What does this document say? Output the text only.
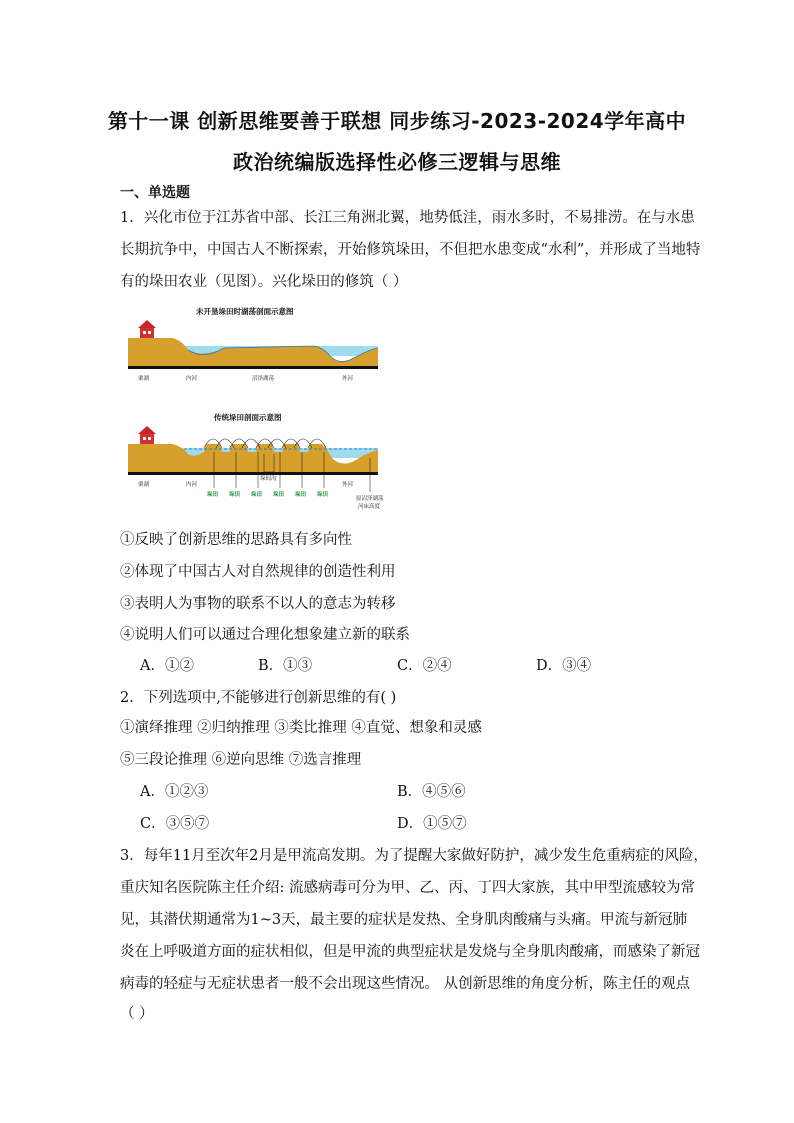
第十一课 创新思维要善于联想 同步练习-2023-2024学年高中
政治统编版选择性必修三逻辑与思维
一、单选题
1．兴化市位于江苏省中部、长江三角洲北翼，地势低洼，雨水多时，不易排涝。在与水患
长期抗争中，中国古人不断探索，开始修筑垛田，不但把水患变成“水利”，并形成了当地特
有的垛田农业（见图）。兴化垛田的修筑（ ）
未开垦垛田时湖荡剖面示意图
栗湖	内河	沼泽湖荡	外河
传统垛田剖面示意图
栗湖	内河	外河
垛间沟
垛田 垛田 垛田 垛田 垛田 垛田
原沼泽湖荡
河床高度
①反映了创新思维的思路具有多向性
②体现了中国古人对自然规律的创造性利用
③表明人为事物的联系不以人的意志为转移
④说明人们可以通过合理化想象建立新的联系
A．①②	B．①③	C．②④	D．③④
2．下列选项中,不能够进行创新思维的有( )
①演绎推理 ②归纳推理 ③类比推理 ④直觉、想象和灵感
⑤三段论推理 ⑥逆向思维 ⑦选言推理
A．①②③	B．④⑤⑥
C．③⑤⑦	D．①⑤⑦
3．每年11月至次年2月是甲流高发期。为了提醒大家做好防护，减少发生危重病症的风险，
重庆知名医院陈主任介绍: 流感病毒可分为甲、乙、丙、丁四大家族，其中甲型流感较为常
见，其潜伏期通常为1~3天，最主要的症状是发热、全身肌肉酸痛与头痛。甲流与新冠肺
炎在上呼吸道方面的症状相似，但是甲流的典型症状是发烧与全身肌肉酸痛，而感染了新冠
病毒的轻症与无症状患者一般不会出现这些情况。 从创新思维的角度分析，陈主任的观点
（ ）
